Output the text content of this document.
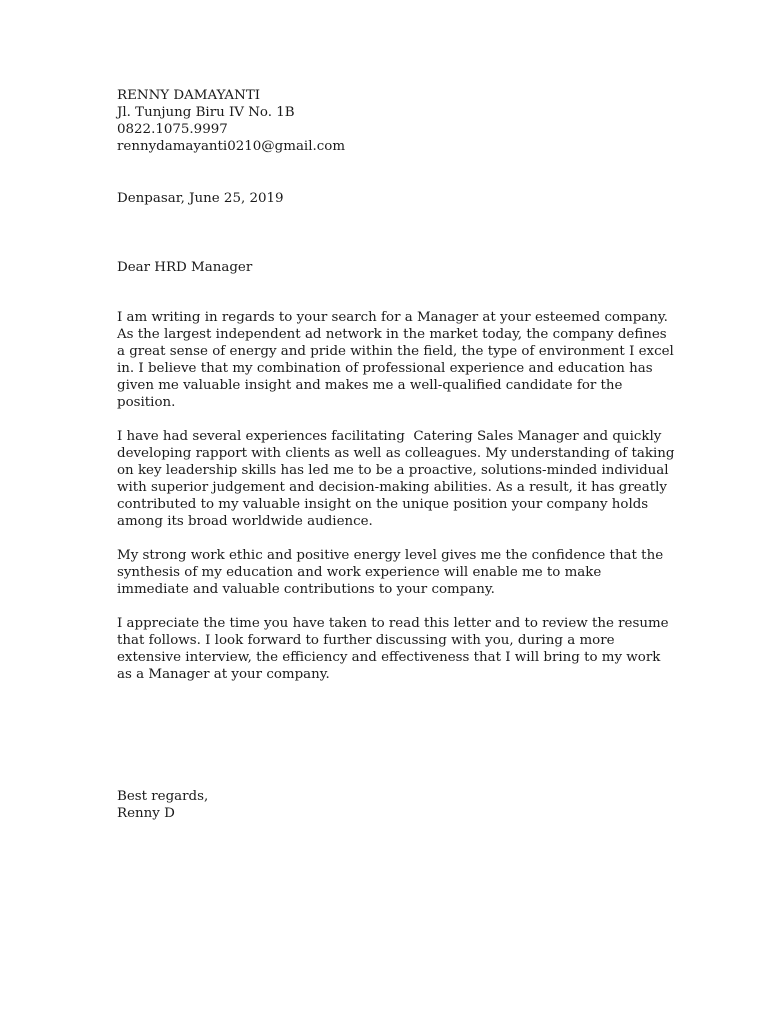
RENNY DAMAYANTI
Jl. Tunjung Biru IV No. 1B
0822.1075.9997
rennydamayanti0210@gmail.com
Denpasar, June 25, 2019
Dear HRD Manager

I am writing in regards to your search for a Manager at your esteemed company.
As the largest independent ad network in the market today, the company defines
a great sense of energy and pride within the field, the type of environment I excel
in. I believe that my combination of professional experience and education has
given me valuable insight and makes me a well-qualified candidate for the
position.

I have had several experiences facilitating  Catering Sales Manager and quickly
developing rapport with clients as well as colleagues. My understanding of taking
on key leadership skills has led me to be a proactive, solutions-minded individual
with superior judgement and decision-making abilities. As a result, it has greatly
contributed to my valuable insight on the unique position your company holds
among its broad worldwide audience.

My strong work ethic and positive energy level gives me the confidence that the
synthesis of my education and work experience will enable me to make
immediate and valuable contributions to your company.

I appreciate the time you have taken to read this letter and to review the resume
that follows. I look forward to further discussing with you, during a more
extensive interview, the efficiency and effectiveness that I will bring to my work
as a Manager at your company.

Best regards,
Renny D
